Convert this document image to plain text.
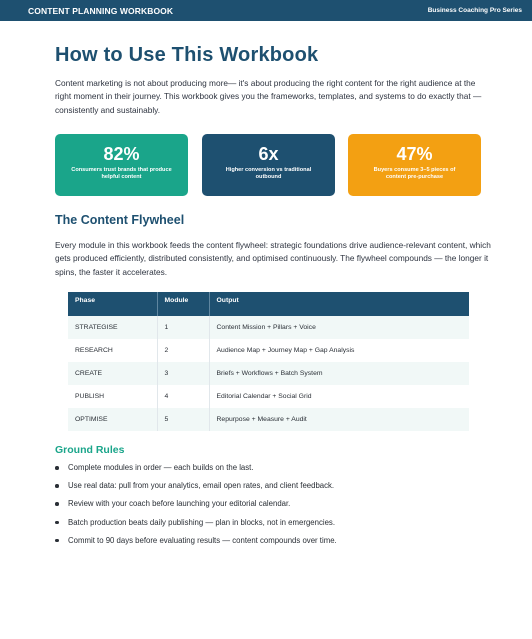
CONTENT PLANNING WORKBOOK	Business Coaching Pro Series
How to Use This Workbook

Content marketing is not about producing more— it's about producing the right content for the right audience at the right moment in their journey. This workbook gives you the frameworks, templates, and systems to do exactly that — consistently and sustainably.

82%
Consumers trust brands that produce helpful content
6x
Higher conversion vs traditional outbound
47%
Buyers consume 3–5 pieces of content pre-purchase
The Content Flywheel

Every module in this workbook feeds the content flywheel: strategic foundations drive audience-relevant content, which gets produced efficiently, distributed consistently, and optimised continuously. The flywheel compounds — the longer it spins, the faster it accelerates.

Phase	Module	Output
STRATEGISE	1	Content Mission + Pillars + Voice
RESEARCH	2	Audience Map + Journey Map + Gap Analysis
CREATE	3	Briefs + Workflows + Batch System
PUBLISH	4	Editorial Calendar + Social Grid
OPTIMISE	5	Repurpose + Measure + Audit
Ground Rules
Complete modules in order — each builds on the last.
Use real data: pull from your analytics, email open rates, and client feedback.
Review with your coach before launching your editorial calendar.
Batch production beats daily publishing — plan in blocks, not in emergencies.
Commit to 90 days before evaluating results — content compounds over time.
